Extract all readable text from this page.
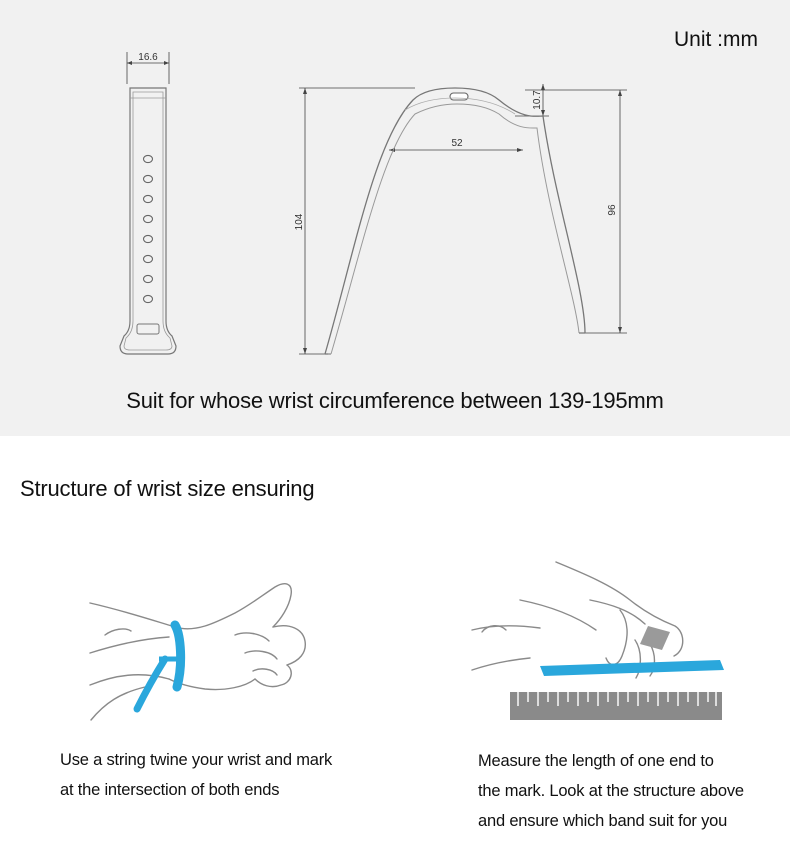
Unit :mm
16.6
104
96
10.7
52
Suit for whose wrist circumference between 139-195mm
Structure of wrist size ensuring
Use a string twine your wrist and mark
at the intersection of both ends
Measure the length of one end to
the mark. Look at the structure above
and ensure which band suit for you
